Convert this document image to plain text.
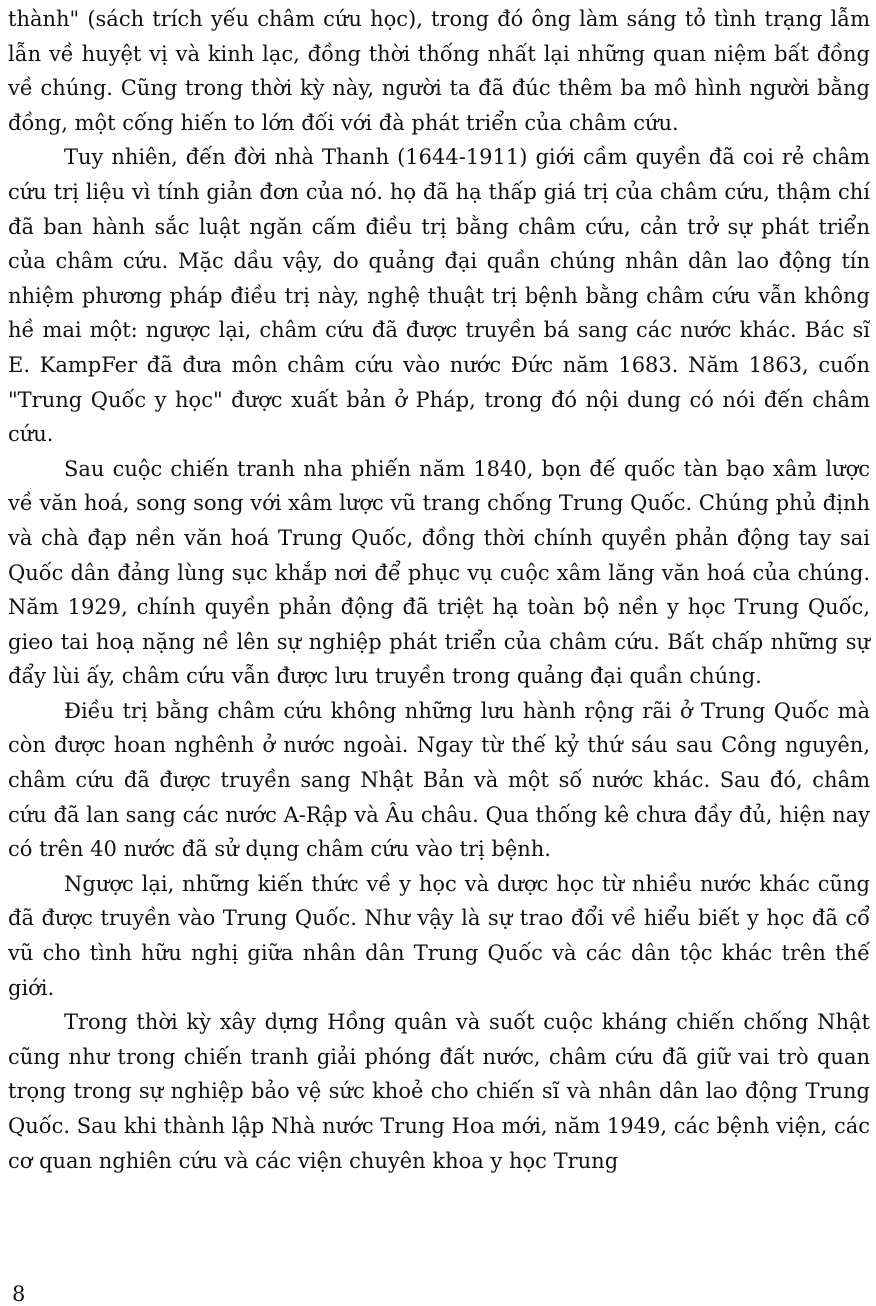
thành" (sách trích yếu châm cứu học), trong đó ông làm sáng tỏ tình trạng lẫm lẫn về huyệt vị và kinh lạc, đồng thời thống nhất lại những quan niệm bất đồng về chúng. Cũng trong thời kỳ này, người ta đã đúc thêm ba mô hình người bằng đồng, một cống hiến to lớn đối với đà phát triển của châm cứu.

Tuy nhiên, đến đời nhà Thanh (1644-1911) giới cầm quyền đã coi rẻ châm cứu trị liệu vì tính giản đơn của nó. họ đã hạ thấp giá trị của châm cứu, thậm chí đã ban hành sắc luật ngăn cấm điều trị bằng châm cứu, cản trở sự phát triển của châm cứu. Mặc dầu vậy, do quảng đại quần chúng nhân dân lao động tín nhiệm phương pháp điều trị này, nghệ thuật trị bệnh bằng châm cứu vẫn không hề mai một: ngược lại, châm cứu đã được truyền bá sang các nước khác. Bác sĩ E. KampFer đã đưa môn châm cứu vào nước Đức năm 1683. Năm 1863, cuốn "Trung Quốc y học" được xuất bản ở Pháp, trong đó nội dung có nói đến châm cứu.

Sau cuộc chiến tranh nha phiến năm 1840, bọn đế quốc tàn bạo xâm lược về văn hoá, song song với xâm lược vũ trang chống Trung Quốc. Chúng phủ định và chà đạp nền văn hoá Trung Quốc, đồng thời chính quyền phản động tay sai Quốc dân đảng lùng sục khắp nơi để phục vụ cuộc xâm lăng văn hoá của chúng. Năm 1929, chính quyền phản động đã triệt hạ toàn bộ nền y học Trung Quốc, gieo tai hoạ nặng nề lên sự nghiệp phát triển của châm cứu. Bất chấp những sự đẩy lùi ấy, châm cứu vẫn được lưu truyền trong quảng đại quần chúng.

Điều trị bằng châm cứu không những lưu hành rộng rãi ở Trung Quốc mà còn được hoan nghênh ở nước ngoài. Ngay từ thế kỷ thứ sáu sau Công nguyên, châm cứu đã được truyền sang Nhật Bản và một số nước khác. Sau đó, châm cứu đã lan sang các nước A-Rập và Âu châu. Qua thống kê chưa đầy đủ, hiện nay có trên 40 nước đã sử dụng châm cứu vào trị bệnh.

Ngược lại, những kiến thức về y học và dược học từ nhiều nước khác cũng đã được truyền vào Trung Quốc. Như vậy là sự trao đổi về hiểu biết y học đã cổ vũ cho tình hữu nghị giữa nhân dân Trung Quốc và các dân tộc khác trên thế giới.

Trong thời kỳ xây dựng Hồng quân và suốt cuộc kháng chiến chống Nhật cũng như trong chiến tranh giải phóng đất nước, châm cứu đã giữ vai trò quan trọng trong sự nghiệp bảo vệ sức khoẻ cho chiến sĩ và nhân dân lao động Trung Quốc. Sau khi thành lập Nhà nước Trung Hoa mới, năm 1949, các bệnh viện, các cơ quan nghiên cứu và các viện chuyên khoa y học Trung

8
